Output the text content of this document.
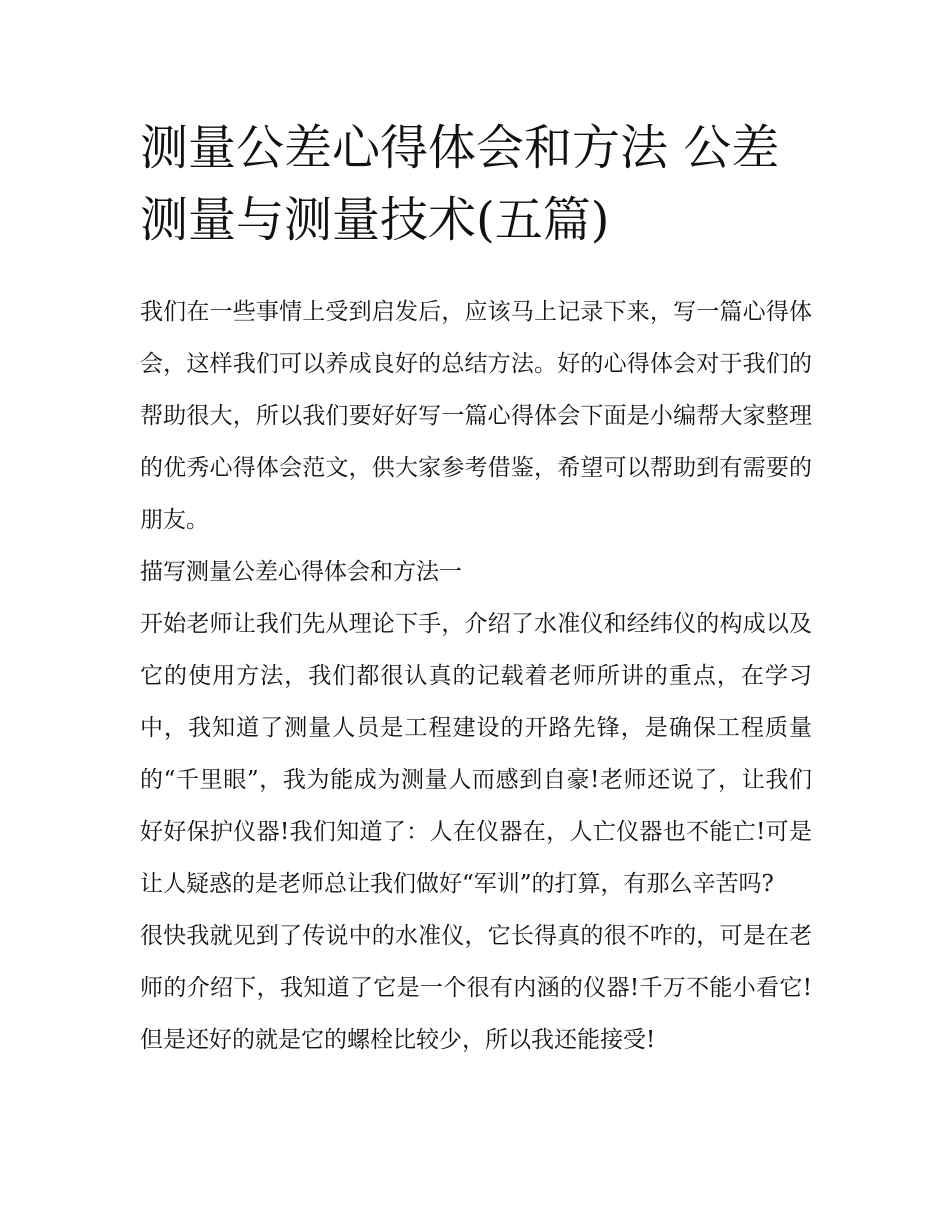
测量公差心得体会和方法 公差测量与测量技术(五篇)

我们在一些事情上受到启发后，应该马上记录下来，写一篇心得体会，这样我们可以养成良好的总结方法。好的心得体会对于我们的帮助很大，所以我们要好好写一篇心得体会下面是小编帮大家整理的优秀心得体会范文，供大家参考借鉴，希望可以帮助到有需要的朋友。

描写测量公差心得体会和方法一

开始老师让我们先从理论下手，介绍了水准仪和经纬仪的构成以及它的使用方法，我们都很认真的记载着老师所讲的重点，在学习中，我知道了测量人员是工程建设的开路先锋，是确保工程质量的“千里眼”，我为能成为测量人而感到自豪!老师还说了，让我们好好保护仪器!我们知道了：人在仪器在，人亡仪器也不能亡!可是让人疑惑的是老师总让我们做好“军训”的打算，有那么辛苦吗?

很快我就见到了传说中的水准仪，它长得真的很不咋的，可是在老师的介绍下，我知道了它是一个很有内涵的仪器!千万不能小看它!但是还好的就是它的螺栓比较少，所以我还能接受!
